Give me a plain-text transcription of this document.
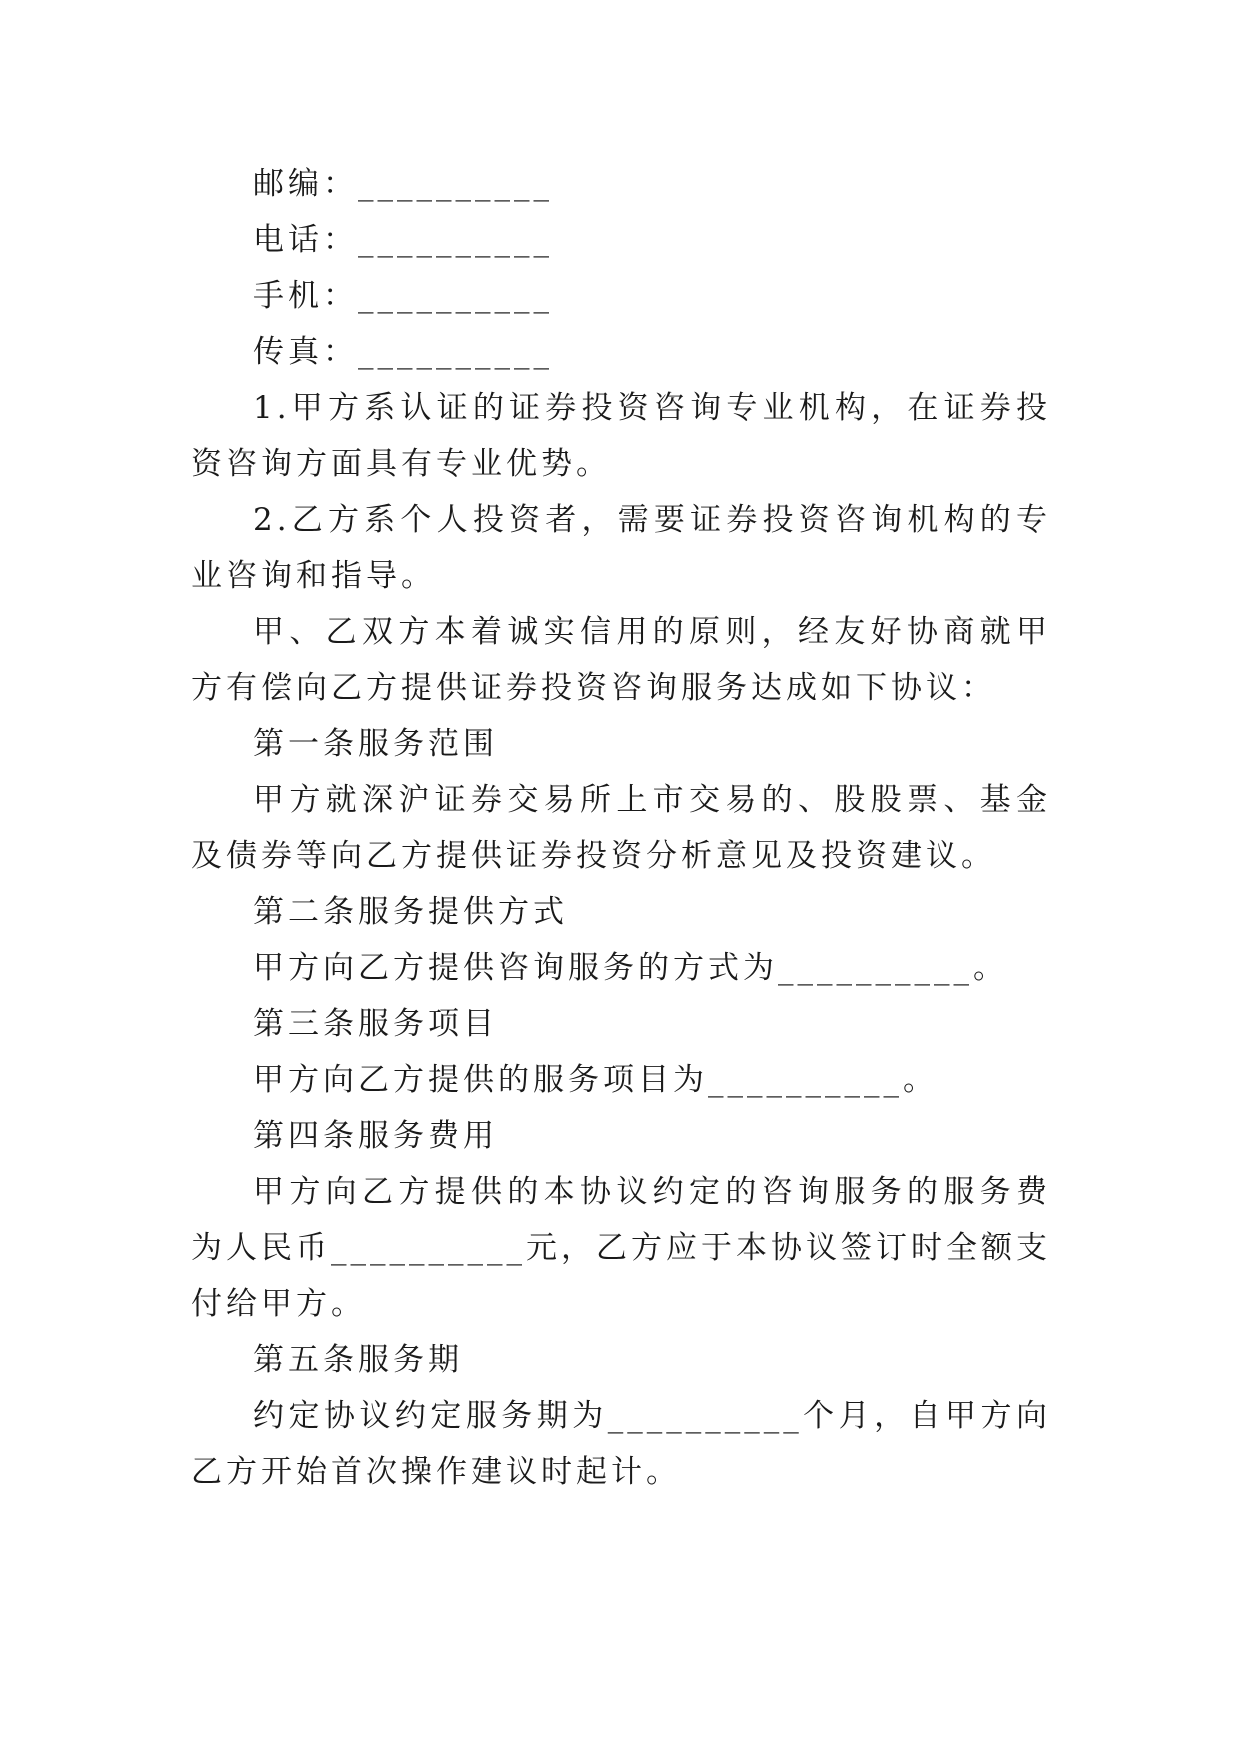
邮编：__________

电话：__________

手机：__________

传真：__________

1.甲方系认证的证券投资咨询专业机构，在证券投资咨询方面具有专业优势。

2.乙方系个人投资者，需要证券投资咨询机构的专业咨询和指导。

甲、乙双方本着诚实信用的原则，经友好协商就甲方有偿向乙方提供证券投资咨询服务达成如下协议：

第一条服务范围

甲方就深沪证券交易所上市交易的、股股票、基金及债券等向乙方提供证券投资分析意见及投资建议。

第二条服务提供方式

甲方向乙方提供咨询服务的方式为__________。

第三条服务项目

甲方向乙方提供的服务项目为__________。

第四条服务费用

甲方向乙方提供的本协议约定的咨询服务的服务费为人民币__________元，乙方应于本协议签订时全额支付给甲方。

第五条服务期

约定协议约定服务期为__________个月，自甲方向乙方开始首次操作建议时起计。
